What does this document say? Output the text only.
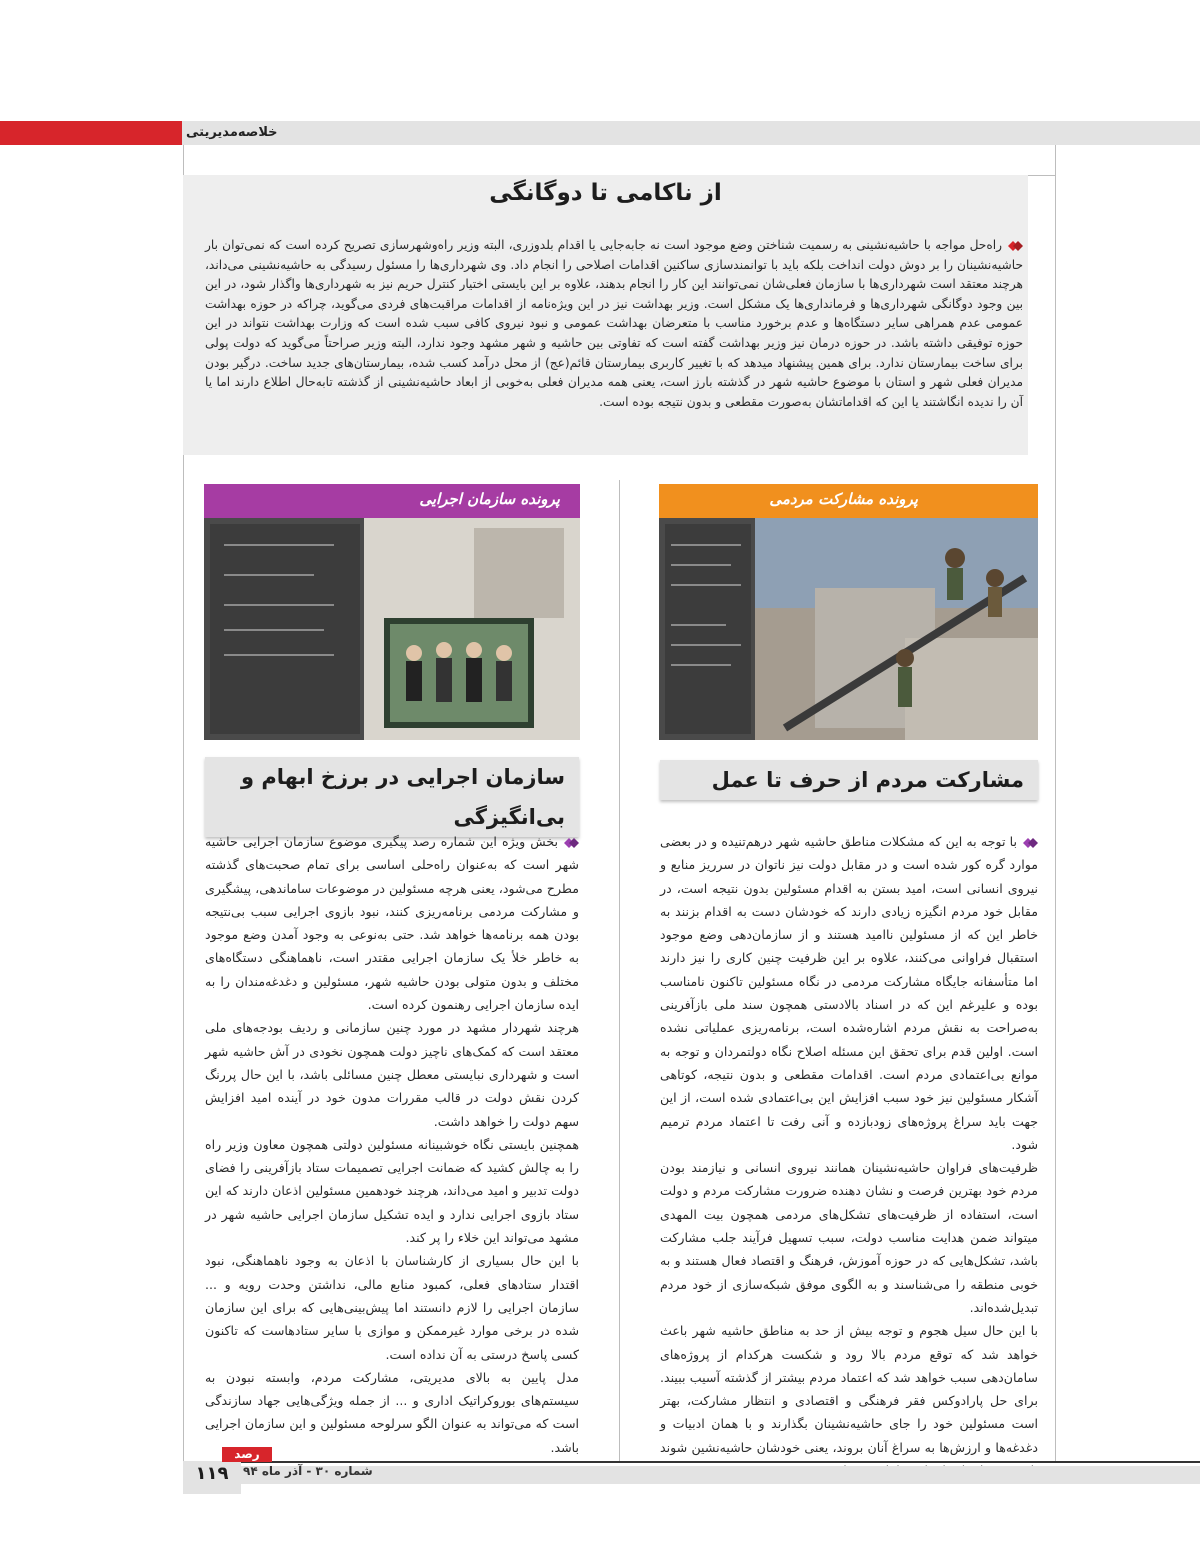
خلاصه‌مدیریتی
از ناکامی تا دوگانگی
راه‌حل مواجه با حاشیه‌نشینی به رسمیت شناختن وضع موجود است نه جابه‌جایی یا اقدام بلدوزری، البته وزیر راه‌وشهرسازی تصریح کرده است که نمی‌توان بار حاشیه‌نشینان را بر دوش دولت انداخت بلکه باید با توانمندسازی ساکنین اقدامات اصلاحی را انجام داد. وی شهرداری‌ها را مسئول رسیدگی به حاشیه‌نشینی می‌داند، هرچند معتقد است شهرداری‌ها با سازمان فعلی‌شان نمی‌توانند این کار را انجام بدهند، علاوه بر این بایستی اختیار کنترل حریم نیز به شهرداری‌ها واگذار شود، در این بین وجود دوگانگی شهرداری‌ها و فرمانداری‌ها یک مشکل است. وزیر بهداشت نیز در این ویژه‌نامه از اقدامات مراقبت‌های فردی می‌گوید، چراکه در حوزه بهداشت عمومی عدم همراهی سایر دستگاه‌ها و عدم برخورد مناسب با متعرضان بهداشت عمومی و نبود نیروی کافی سبب شده است که وزارت بهداشت نتواند در این حوزه توفیقی داشته باشد. در حوزه درمان نیز وزیر بهداشت گفته است که تفاوتی بین حاشیه و شهر مشهد وجود ندارد، البته وزیر صراحتاً می‌گوید که دولت پولی برای ساخت بیمارستان ندارد. برای همین پیشنهاد میدهد که با تغییر کاربری بیمارستان قائم(عج) از محل درآمد کسب شده، بیمارستان‌های جدید ساخت. درگیر بودن مدیران فعلی شهر و استان با موضوع حاشیه شهر در گذشته بارز است، یعنی همه مدیران فعلی به‌خوبی از ابعاد حاشیه‌نشینی از گذشته تابه‌حال اطلاع دارند اما یا آن را ندیده انگاشتند یا این که اقداماتشان به‌صورت مقطعی و بدون نتیجه بوده است.
پرونده مشارکت مردمی
پرونده سازمان اجرایی
مشارکت مردم از حرف تا عمل
سازمان اجرایی در برزخ ابهام و بی‌انگیزگی

با توجه به این که مشکلات مناطق حاشیه شهر درهم‌تنیده و در بعضی موارد گره کور شده است و در مقابل دولت نیز ناتوان در سرریز منابع و نیروی انسانی است، امید بستن به اقدام مسئولین بدون نتیجه است، در مقابل خود مردم انگیزه زیادی دارند که خودشان دست به اقدام بزنند به خاطر این که از مسئولین ناامید هستند و از سازمان‌دهی وضع موجود استقبال فراوانی می‌کنند، علاوه بر این ظرفیت چنین کاری را نیز دارند اما متأسفانه جایگاه مشارکت مردمی در نگاه مسئولین تاکنون نامناسب بوده و علیرغم این که در اسناد بالادستی همچون سند ملی بازآفرینی به‌صراحت به نقش مردم اشاره‌شده است، برنامه‌ریزی عملیاتی نشده است. اولین قدم برای تحقق این مسئله اصلاح نگاه دولتمردان و توجه به موانع بی‌اعتمادی مردم است. اقدامات مقطعی و بدون نتیجه، کوتاهی آشکار مسئولین نیز خود سبب افزایش این بی‌اعتمادی شده است، از این جهت باید سراغ پروژه‌های زودبازده و آنی رفت تا اعتماد مردم ترمیم شود.

ظرفیت‌های فراوان حاشیه‌نشینان همانند نیروی انسانی و نیازمند بودن مردم خود بهترین فرصت و نشان دهنده ضرورت مشارکت مردم و دولت است، استفاده از ظرفیت‌های تشکل‌های مردمی همچون بیت المهدی میتواند ضمن هدایت مناسب دولت، سبب تسهیل فرآیند جلب مشارکت باشد، تشکل‌هایی که در حوزه آموزش، فرهنگ و اقتصاد فعال هستند و به خوبی منطقه را می‌شناسند و به الگوی موفق شبکه‌سازی از خود مردم تبدیل‌شده‌اند.

با این حال سیل هجوم و توجه بیش از حد به مناطق حاشیه شهر باعث خواهد شد که توقع مردم بالا رود و شکست هرکدام از پروژه‌های سامان‌دهی سبب خواهد شد که اعتماد مردم بیشتر از گذشته آسیب ببیند. برای حل پارادوکس فقر فرهنگی و اقتصادی و انتظار مشارکت، بهتر است مسئولین خود را جای حاشیه‌نشینان بگذارند و با همان ادبیات و دغدغه‌ها و ارزش‌ها به سراغ آنان بروند، یعنی خودشان حاشیه‌نشین شوند

بخش ویژه این شماره رصد پیگیری موضوع سازمان اجرایی حاشیه شهر است که به‌عنوان راه‌حلی اساسی برای تمام صحبت‌های گذشته مطرح می‌شود، یعنی هرچه مسئولین در موضوعات ساماندهی، پیشگیری و مشارکت مردمی برنامه‌ریزی کنند، نبود بازوی اجرایی سبب بی‌نتیجه بودن همه برنامه‌ها خواهد شد. حتی به‌نوعی به وجود آمدن وضع موجود به خاطر خلأ یک سازمان اجرایی مقتدر است، ناهماهنگی دستگاه‌های مختلف و بدون متولی بودن حاشیه شهر، مسئولین و دغدغه‌مندان را به ایده سازمان اجرایی رهنمون کرده است.

هرچند شهردار مشهد در مورد چنین سازمانی و ردیف بودجه‌های ملی معتقد است که کمک‌های ناچیز دولت همچون نخودی در آش حاشیه شهر است و شهرداری نبایستی معطل چنین مسائلی باشد، با این حال پررنگ کردن نقش دولت در قالب مقررات مدون خود در آینده امید افزایش سهم دولت را خواهد داشت.

همچنین بایستی نگاه خوشبینانه مسئولین دولتی همچون معاون وزیر راه را به چالش کشید که ضمانت اجرایی تصمیمات ستاد بازآفرینی را فضای دولت تدبیر و امید می‌داند، هرچند خودهمین مسئولین اذعان دارند که این ستاد بازوی اجرایی ندارد و ایده تشکیل سازمان اجرایی حاشیه شهر در مشهد می‌تواند این خلاء را پر کند.

با این حال بسیاری از کارشناسان با اذعان به وجود ناهماهنگی، نبود اقتدار ستادهای فعلی، کمبود منابع مالی، نداشتن وحدت رویه و ... سازمان اجرایی را لازم دانستند اما پیش‌بینی‌هایی که برای این سازمان شده در برخی موارد غیرممکن و موازی با سایر ستادهاست که تاکنون کسی پاسخ درستی به آن نداده است.

مدل پایین به بالای مدیریتی، مشارکت مردم، وابسته نبودن به سیستم‌های بوروکراتیک اداری و ... از جمله ویژگی‌هایی جهاد سازندگی است که می‌تواند به عنوان الگو سرلوحه مسئولین و این سازمان اجرایی باشد.

۱۱۹	شماره ۳۰ - آذر ماه ۹۴
رصد
